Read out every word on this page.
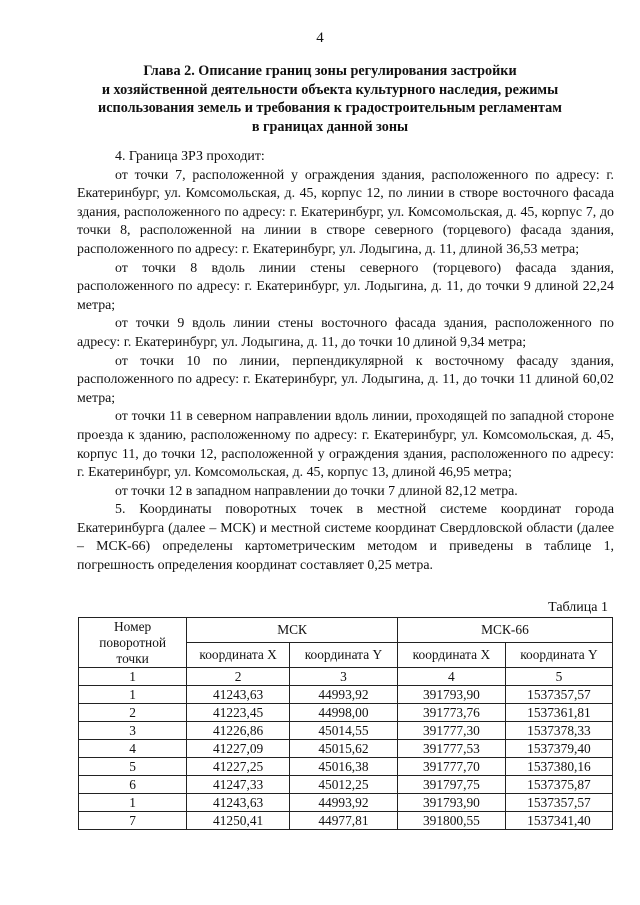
4
Глава 2. Описание границ зоны регулирования застройки
и хозяйственной деятельности объекта культурного наследия, режимы
использования земель и требования к градостроительным регламентам
в границах данной зоны

4. Граница ЗРЗ проходит:

от точки 7, расположенной у ограждения здания, расположенного по адресу: г. Екатеринбург, ул. Комсомольская, д. 45, корпус 12, по линии в створе восточного фасада здания, расположенного по адресу: г. Екатеринбург, ул. Комсомольская, д. 45, корпус 7, до точки 8, расположенной на линии в створе северного (торцевого) фасада здания, расположенного по адресу: г. Екатеринбург, ул. Лодыгина, д. 11, длиной 36,53 метра;

от точки 8 вдоль линии стены северного (торцевого) фасада здания, расположенного по адресу: г. Екатеринбург, ул. Лодыгина, д. 11, до точки 9 длиной 22,24 метра;

от точки 9 вдоль линии стены восточного фасада здания, расположенного по адресу: г. Екатеринбург, ул. Лодыгина, д. 11, до точки 10 длиной 9,34 метра;

от точки 10 по линии, перпендикулярной к восточному фасаду здания, расположенного по адресу: г. Екатеринбург, ул. Лодыгина, д. 11, до точки 11 длиной 60,02 метра;

от точки 11 в северном направлении вдоль линии, проходящей по западной стороне проезда к зданию, расположенному по адресу: г. Екатеринбург, ул. Комсомольская, д. 45, корпус 11, до точки 12, расположенной у ограждения здания, расположенного по адресу: г. Екатеринбург, ул. Комсомольская, д. 45, корпус 13, длиной 46,95 метра;

от точки 12 в западном направлении до точки 7 длиной 82,12 метра.

5. Координаты поворотных точек в местной системе координат города Екатеринбурга (далее – МСК) и местной системе координат Свердловской области (далее – МСК-66) определены картометрическим методом и приведены в таблице 1, погрешность определения координат составляет 0,25 метра.

Таблица 1
Номер поворотной точки	МСК		МСК-66	
	координата X	координата Y	координата X	координата Y
1	2	3	4	5
1	41243,63	44993,92	391793,90	1537357,57
2	41223,45	44998,00	391773,76	1537361,81
3	41226,86	45014,55	391777,30	1537378,33
4	41227,09	45015,62	391777,53	1537379,40
5	41227,25	45016,38	391777,70	1537380,16
6	41247,33	45012,25	391797,75	1537375,87
1	41243,63	44993,92	391793,90	1537357,57
7	41250,41	44977,81	391800,55	1537341,40
